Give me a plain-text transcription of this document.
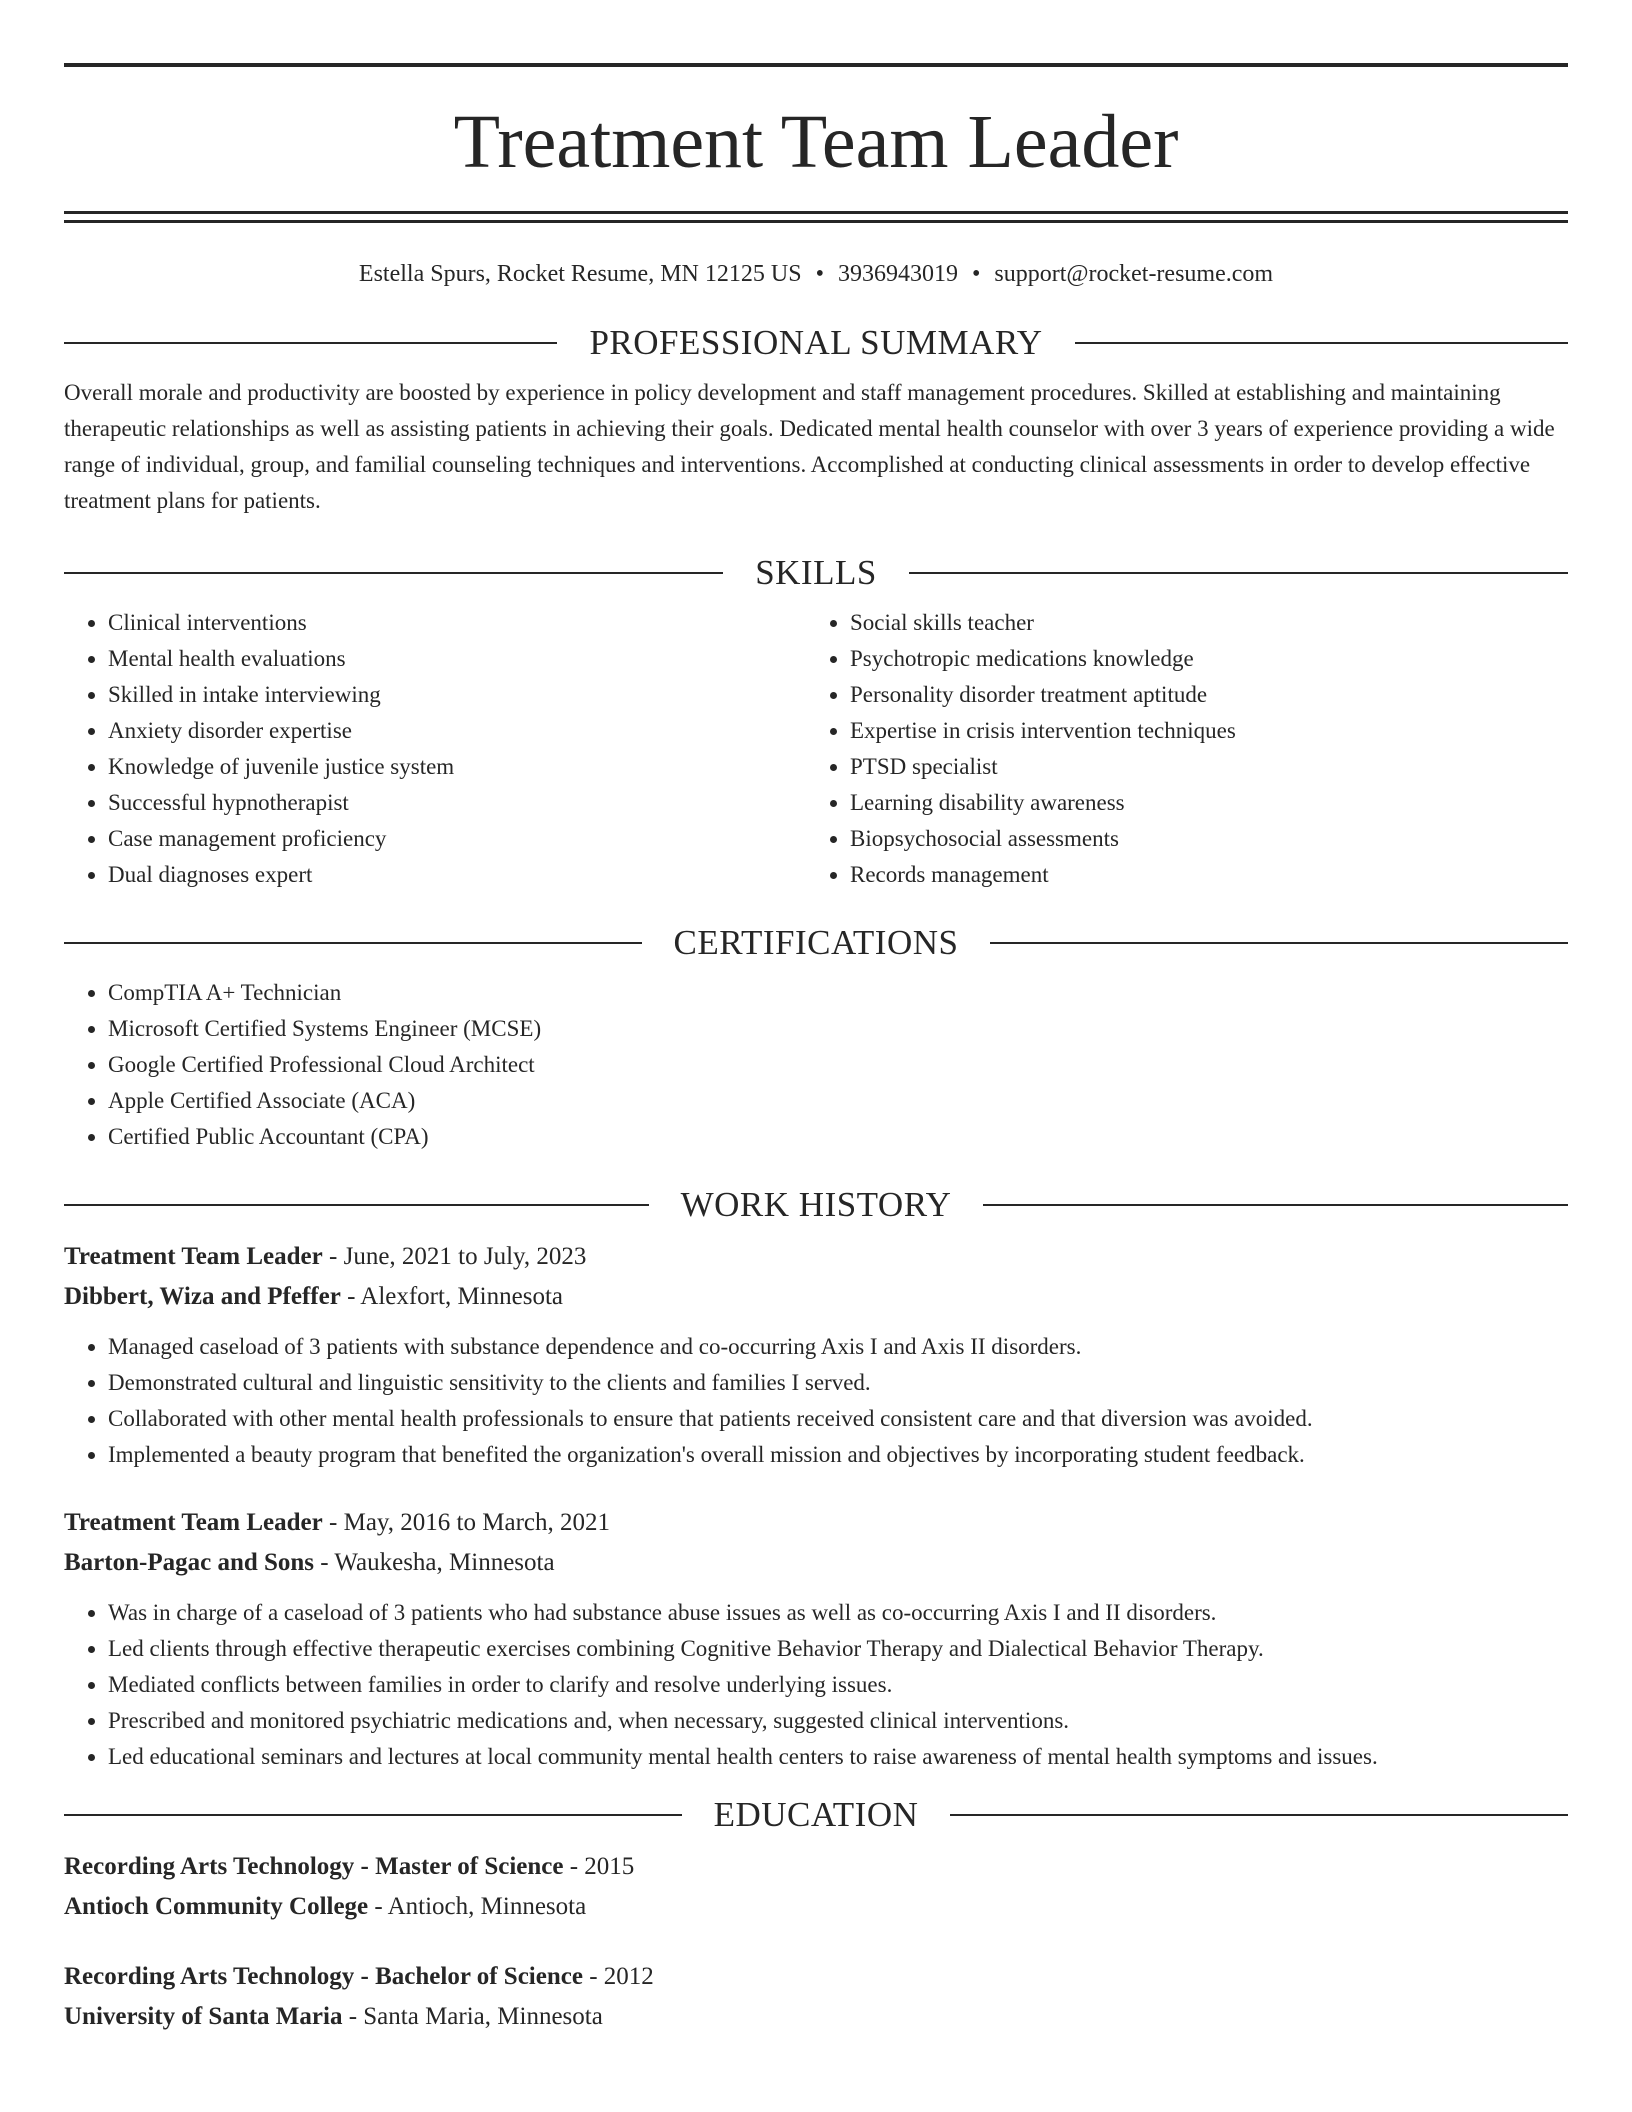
Treatment Team Leader
Estella Spurs, Rocket Resume, MN 12125 US • 3936943019 • support@rocket-resume.com
PROFESSIONAL SUMMARY

Overall morale and productivity are boosted by experience in policy development and staff management procedures. Skilled at establishing and maintaining therapeutic relationships as well as assisting patients in achieving their goals. Dedicated mental health counselor with over 3 years of experience providing a wide range of individual, group, and familial counseling techniques and interventions. Accomplished at conducting clinical assessments in order to develop effective treatment plans for patients.

SKILLS
• Clinical interventions
• Mental health evaluations
• Skilled in intake interviewing
• Anxiety disorder expertise
• Knowledge of juvenile justice system
• Successful hypnotherapist
• Case management proficiency
• Dual diagnoses expert
• Social skills teacher
• Psychotropic medications knowledge
• Personality disorder treatment aptitude
• Expertise in crisis intervention techniques
• PTSD specialist
• Learning disability awareness
• Biopsychosocial assessments
• Records management
CERTIFICATIONS
• CompTIA A+ Technician
• Microsoft Certified Systems Engineer (MCSE)
• Google Certified Professional Cloud Architect
• Apple Certified Associate (ACA)
• Certified Public Accountant (CPA)
WORK HISTORY
Treatment Team Leader - June, 2021 to July, 2023
Dibbert, Wiza and Pfeffer - Alexfort, Minnesota
• Managed caseload of 3 patients with substance dependence and co-occurring Axis I and Axis II disorders.
• Demonstrated cultural and linguistic sensitivity to the clients and families I served.
• Collaborated with other mental health professionals to ensure that patients received consistent care and that diversion was avoided.
• Implemented a beauty program that benefited the organization's overall mission and objectives by incorporating student feedback.
Treatment Team Leader - May, 2016 to March, 2021
Barton-Pagac and Sons - Waukesha, Minnesota
• Was in charge of a caseload of 3 patients who had substance abuse issues as well as co-occurring Axis I and II disorders.
• Led clients through effective therapeutic exercises combining Cognitive Behavior Therapy and Dialectical Behavior Therapy.
• Mediated conflicts between families in order to clarify and resolve underlying issues.
• Prescribed and monitored psychiatric medications and, when necessary, suggested clinical interventions.
• Led educational seminars and lectures at local community mental health centers to raise awareness of mental health symptoms and issues.
EDUCATION
Recording Arts Technology - Master of Science - 2015
Antioch Community College - Antioch, Minnesota
Recording Arts Technology - Bachelor of Science - 2012
University of Santa Maria - Santa Maria, Minnesota
